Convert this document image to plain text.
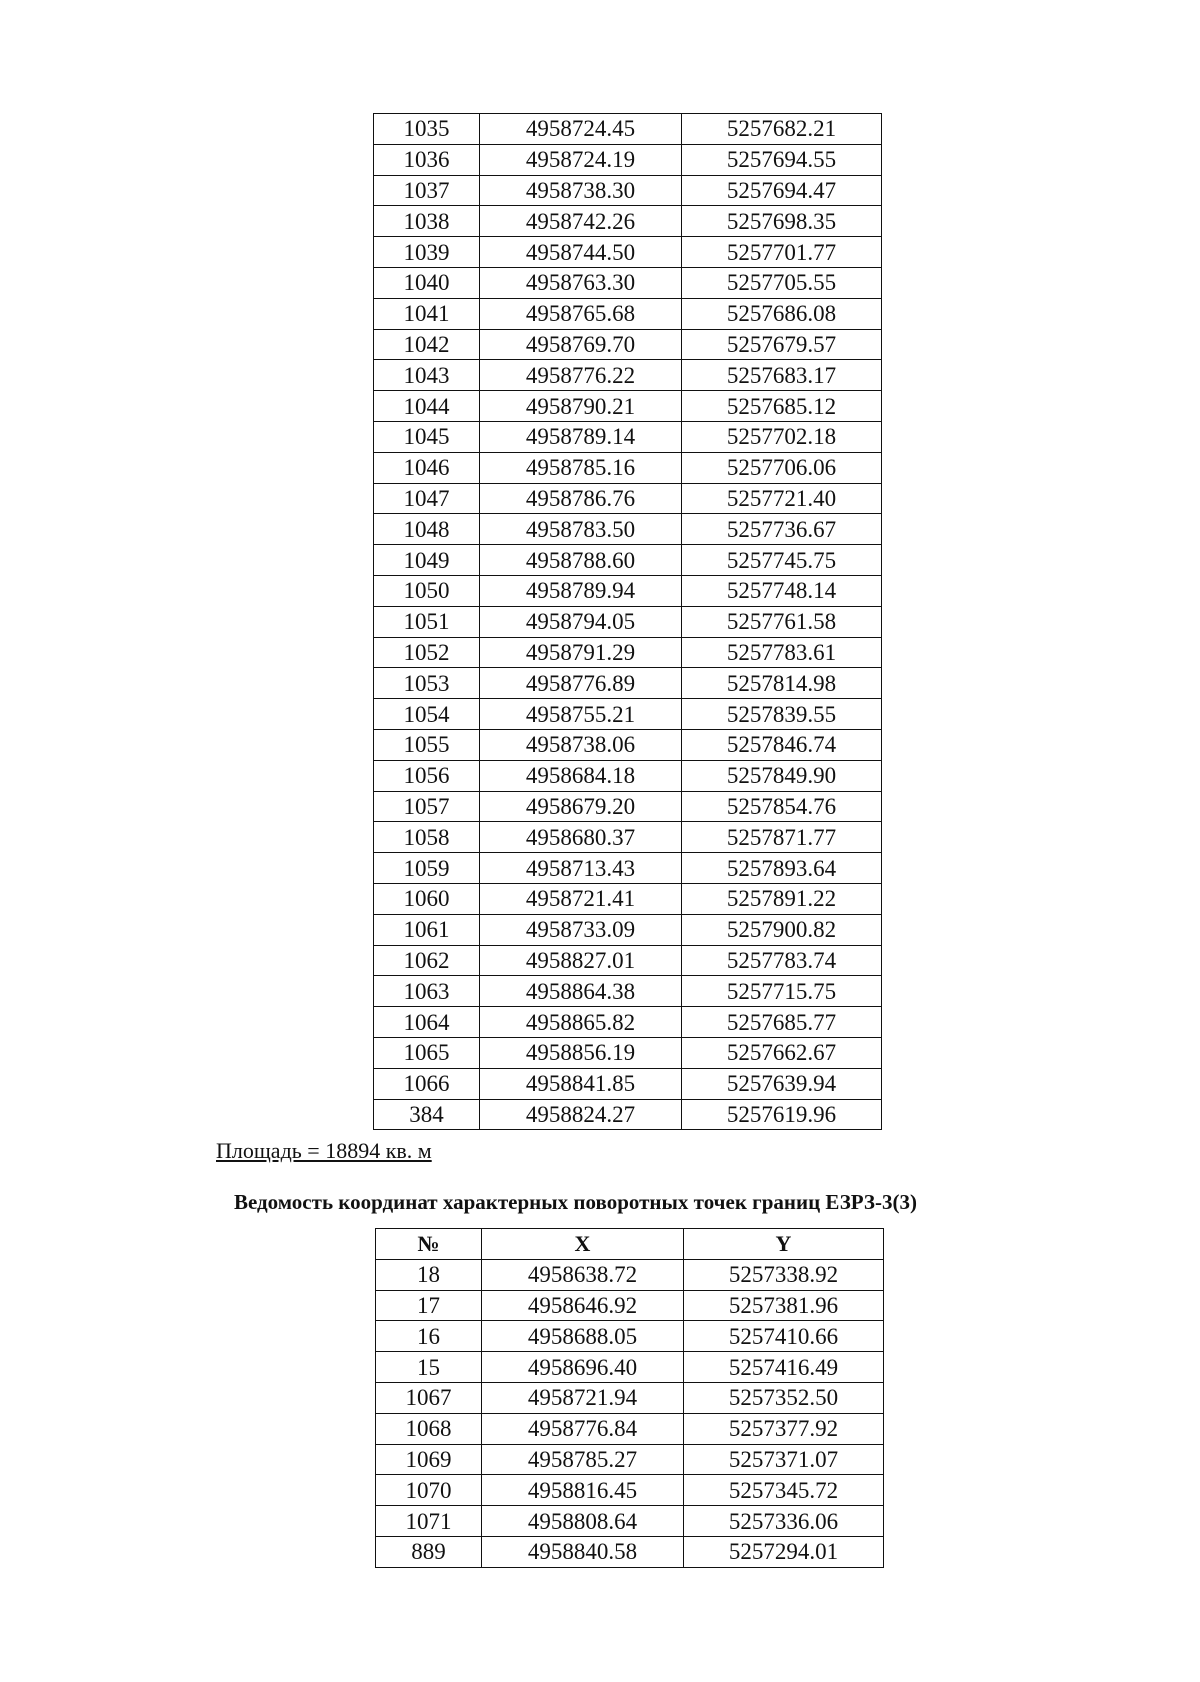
1035	4958724.45	5257682.21
1036	4958724.19	5257694.55
1037	4958738.30	5257694.47
1038	4958742.26	5257698.35
1039	4958744.50	5257701.77
1040	4958763.30	5257705.55
1041	4958765.68	5257686.08
1042	4958769.70	5257679.57
1043	4958776.22	5257683.17
1044	4958790.21	5257685.12
1045	4958789.14	5257702.18
1046	4958785.16	5257706.06
1047	4958786.76	5257721.40
1048	4958783.50	5257736.67
1049	4958788.60	5257745.75
1050	4958789.94	5257748.14
1051	4958794.05	5257761.58
1052	4958791.29	5257783.61
1053	4958776.89	5257814.98
1054	4958755.21	5257839.55
1055	4958738.06	5257846.74
1056	4958684.18	5257849.90
1057	4958679.20	5257854.76
1058	4958680.37	5257871.77
1059	4958713.43	5257893.64
1060	4958721.41	5257891.22
1061	4958733.09	5257900.82
1062	4958827.01	5257783.74
1063	4958864.38	5257715.75
1064	4958865.82	5257685.77
1065	4958856.19	5257662.67
1066	4958841.85	5257639.94
384	4958824.27	5257619.96
Площадь = 18894 кв. м
Ведомость координат характерных поворотных точек границ ЕЗРЗ-3(3)
№	X	Y
18	4958638.72	5257338.92
17	4958646.92	5257381.96
16	4958688.05	5257410.66
15	4958696.40	5257416.49
1067	4958721.94	5257352.50
1068	4958776.84	5257377.92
1069	4958785.27	5257371.07
1070	4958816.45	5257345.72
1071	4958808.64	5257336.06
889	4958840.58	5257294.01
